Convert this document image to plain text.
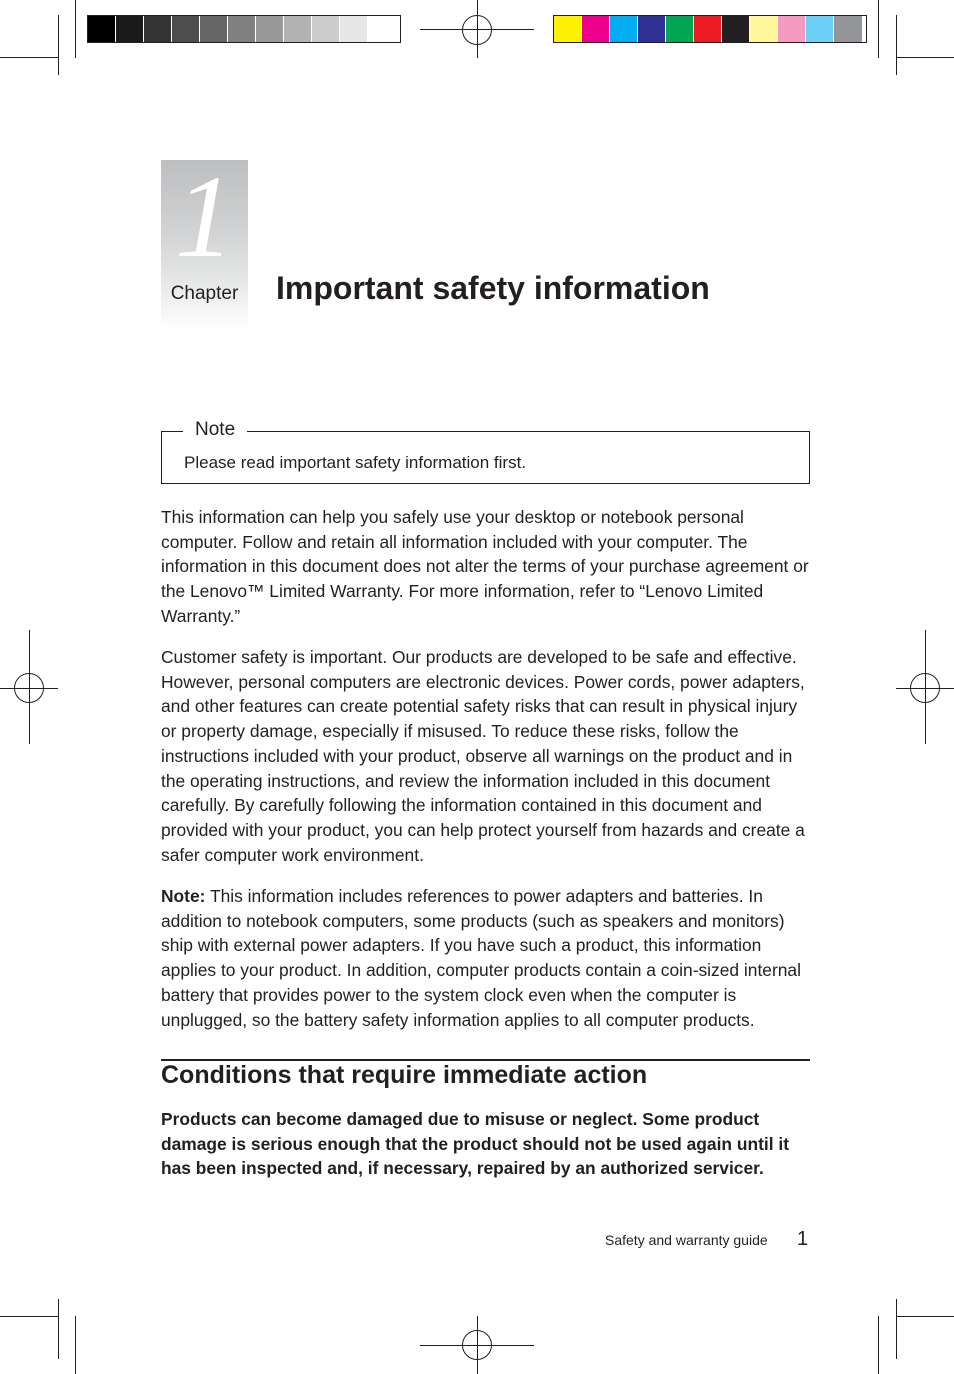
1
Chapter	Important safety information
Note
Please read important safety information first.
This information can help you safely use your desktop or notebook personal computer. Follow and retain all information included with your computer. The information in this document does not alter the terms of your purchase agreement or the Lenovo™ Limited Warranty. For more information, refer to “Lenovo Limited Warranty.”
Customer safety is important. Our products are developed to be safe and effective. However, personal computers are electronic devices. Power cords, power adapters, and other features can create potential safety risks that can result in physical injury or property damage, especially if misused. To reduce these risks, follow the instructions included with your product, observe all warnings on the product and in the operating instructions, and review the information included in this document carefully. By carefully following the information contained in this document and provided with your product, you can help protect yourself from hazards and create a safer computer work environment.
Note: This information includes references to power adapters and batteries. In addition to notebook computers, some products (such as speakers and monitors) ship with external power adapters. If you have such a product, this information applies to your product. In addition, computer products contain a coin-sized internal battery that provides power to the system clock even when the computer is unplugged, so the battery safety information applies to all computer products.
Conditions that require immediate action
Products can become damaged due to misuse or neglect. Some product damage is serious enough that the product should not be used again until it has been inspected and, if necessary, repaired by an authorized servicer.
Safety and warranty guide 1
